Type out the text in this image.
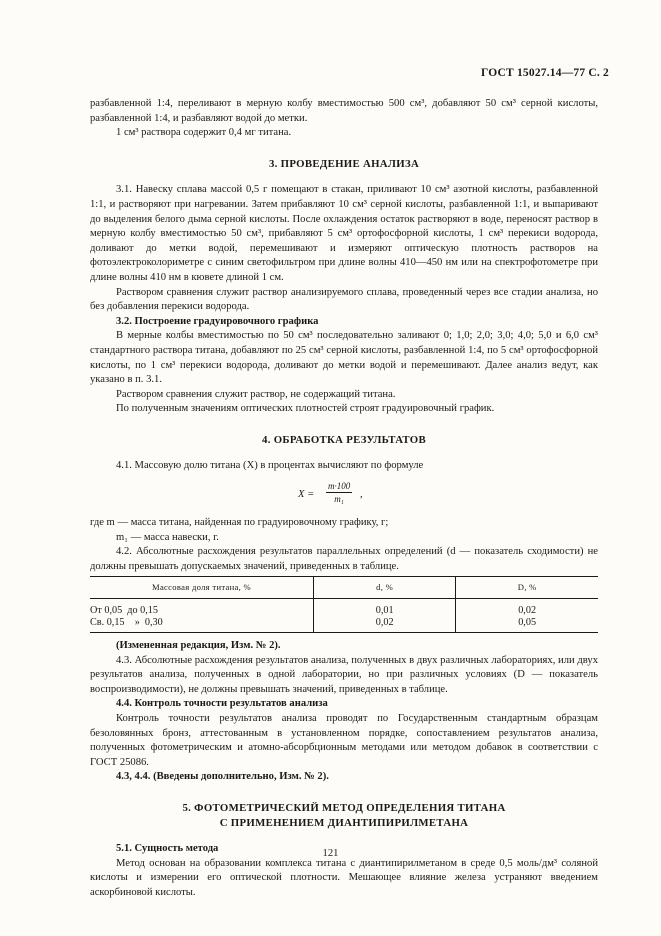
ГОСТ 15027.14—77 С. 2

разбавленной 1:4, переливают в мерную колбу вместимостью 500 см³, добавляют 50 см³ серной кислоты, разбавленной 1:4, и разбавляют водой до метки.

1 см³ раствора содержит 0,4 мг титана.

3. ПРОВЕДЕНИЕ АНАЛИЗА

3.1. Навеску сплава массой 0,5 г помещают в стакан, приливают 10 см³ азотной кислоты, разбавленной 1:1, и растворяют при нагревании. Затем прибавляют 10 см³ серной кислоты, разбавленной 1:1, и выпаривают до выделения белого дыма серной кислоты. После охлаждения остаток растворяют в воде, переносят раствор в мерную колбу вместимостью 50 см³, прибавляют 5 см³ ортофосфорной кислоты, 1 см³ перекиси водорода, доливают до метки водой, перемешивают и измеряют оптическую плотность растворов на фотоэлектроколориметре с синим светофильтром при длине волны 410—450 нм или на спектрофотометре при длине волны 410 нм в кювете длиной 1 см.

Раствором сравнения служит раствор анализируемого сплава, проведенный через все стадии анализа, но без добавления перекиси водорода.

3.2. Построение градуировочного графика

В мерные колбы вместимостью по 50 см³ последовательно заливают 0; 1,0; 2,0; 3,0; 4,0; 5,0 и 6,0 см³ стандартного раствора титана, добавляют по 25 см³ серной кислоты, разбавленной 1:4, по 5 см³ ортофосфорной кислоты, по 1 см³ перекиси водорода, доливают до метки водой и перемешивают. Далее анализ ведут, как указано в п. 3.1.

Раствором сравнения служит раствор, не содержащий титана.

По полученным значениям оптических плотностей строят градуировочный график.

4. ОБРАБОТКА РЕЗУЛЬТАТОВ

4.1. Массовую долю титана (X) в процентах вычисляют по формуле

$X = \frac{m\cdot 100}{\text{m₁}}$ ,

где m — масса титана, найденная по градуировочному графику, г;

m₁ — масса навески, г.

4.2. Абсолютные расхождения результатов параллельных определений (d — показатель сходимости) не должны превышать допускаемых значений, приведенных в таблице.

Массовая доля титана, %	d, %	D, %
От 0,05  до 0,15	0,01	0,02
Св. 0,15    »  0,30	0,02	0,05

(Измененная редакция, Изм. № 2).

4.3. Абсолютные расхождения результатов анализа, полученных в двух различных лабораториях, или двух результатов анализа, полученных в одной лаборатории, но при различных условиях (D — показатель воспроизводимости), не должны превышать значений, приведенных в таблице.

4.4. Контроль точности результатов анализа

Контроль точности результатов анализа проводят по Государственным стандартным образцам безоловянных бронз, аттестованным в установленном порядке, сопоставлением результатов анализа, полученных фотометрическим и атомно-абсорбционным методами или методом добавок в соответствии с ГОСТ 25086.

4.3, 4.4. (Введены дополнительно, Изм. № 2).

5. ФОТОМЕТРИЧЕСКИЙ МЕТОД ОПРЕДЕЛЕНИЯ ТИТАНА
С ПРИМЕНЕНИЕМ ДИАНТИПИРИЛМЕТАНА

5.1. Сущность метода

Метод основан на образовании комплекса титана с диантипирилметаном в среде 0,5 моль/дм³ соляной кислоты и измерении его оптической плотности. Мешающее влияние железа устраняют введением аскорбиновой кислоты.

121
